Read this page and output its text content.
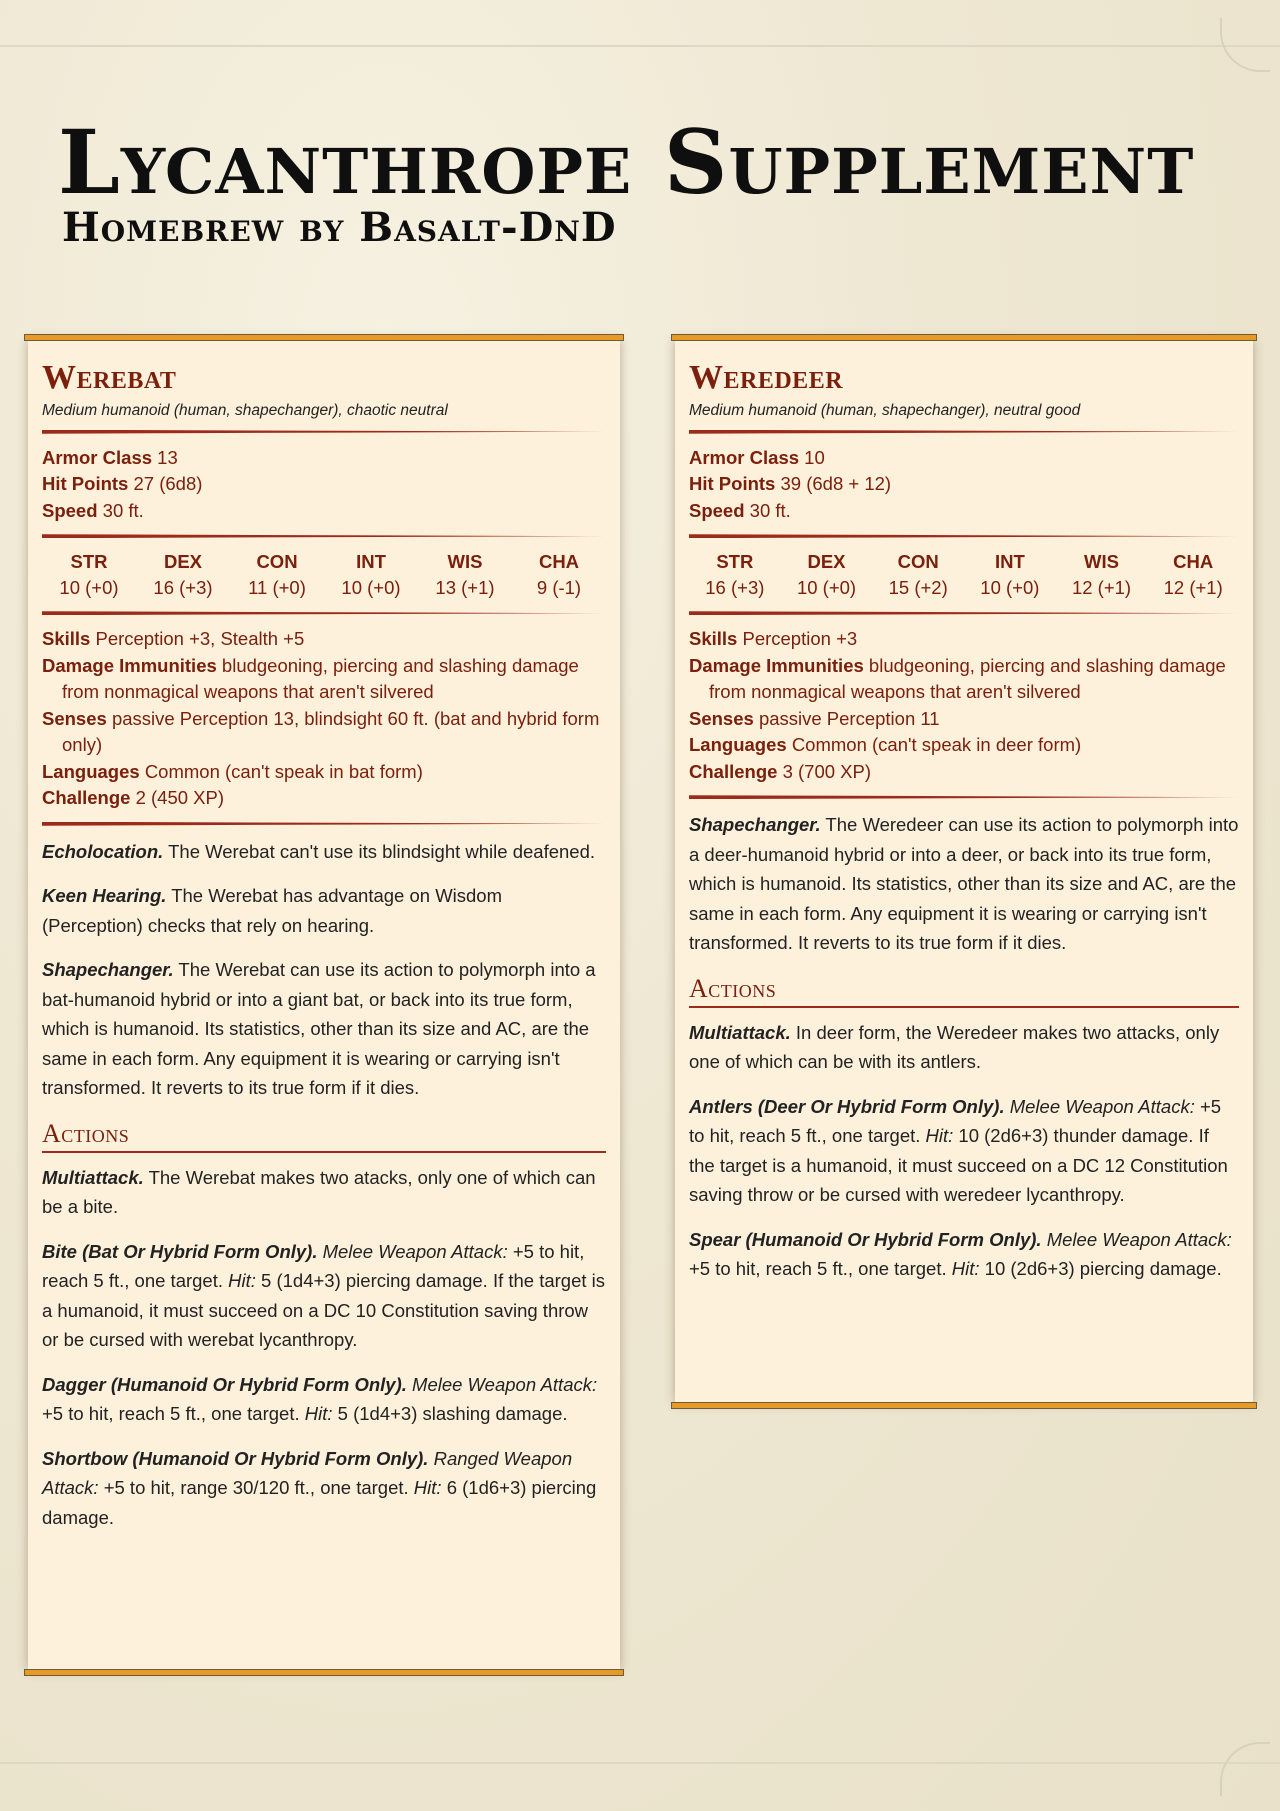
Lycanthrope Supplement
Homebrew by Basalt-DnD
Werebat

Medium humanoid (human, shapechanger), chaotic neutral

Armor Class 13

Hit Points 27 (6d8)

Speed 30 ft.

STR
10 (+0)
DEX
16 (+3)
CON
11 (+0)
INT
10 (+0)
WIS
13 (+1)
CHA
9 (-1)

Skills Perception +3, Stealth +5

Damage Immunities bludgeoning, piercing and slashing damage from nonmagical weapons that aren't silvered

Senses passive Perception 13, blindsight 60 ft. (bat and hybrid form only)

Languages Common (can't speak in bat form)

Challenge 2 (450 XP)

Echolocation. The Werebat can't use its blindsight while deafened.

Keen Hearing. The Werebat has advantage on Wisdom (Perception) checks that rely on hearing.

Shapechanger. The Werebat can use its action to polymorph into a bat-humanoid hybrid or into a giant bat, or back into its true form, which is humanoid. Its statistics, other than its size and AC, are the same in each form. Any equipment it is wearing or carrying isn't transformed. It reverts to its true form if it dies.

Actions

Multiattack. The Werebat makes two atacks, only one of which can be a bite.

Bite (Bat Or Hybrid Form Only). Melee Weapon Attack: +5 to hit, reach 5 ft., one target. Hit: 5 (1d4+3) piercing damage. If the target is a humanoid, it must succeed on a DC 10 Constitution saving throw or be cursed with werebat lycanthropy.

Dagger (Humanoid Or Hybrid Form Only). Melee Weapon Attack: +5 to hit, reach 5 ft., one target. Hit: 5 (1d4+3) slashing damage.

Shortbow (Humanoid Or Hybrid Form Only). Ranged Weapon Attack: +5 to hit, range 30/120 ft., one target. Hit: 6 (1d6+3) piercing damage.

Weredeer

Medium humanoid (human, shapechanger), neutral good

Armor Class 10

Hit Points 39 (6d8 + 12)

Speed 30 ft.

STR
16 (+3)
DEX
10 (+0)
CON
15 (+2)
INT
10 (+0)
WIS
12 (+1)
CHA
12 (+1)

Skills Perception +3

Damage Immunities bludgeoning, piercing and slashing damage from nonmagical weapons that aren't silvered

Senses passive Perception 11

Languages Common (can't speak in deer form)

Challenge 3 (700 XP)

Shapechanger. The Weredeer can use its action to polymorph into a deer-humanoid hybrid or into a deer, or back into its true form, which is humanoid. Its statistics, other than its size and AC, are the same in each form. Any equipment it is wearing or carrying isn't transformed. It reverts to its true form if it dies.

Actions

Multiattack. In deer form, the Weredeer makes two attacks, only one of which can be with its antlers.

Antlers (Deer Or Hybrid Form Only). Melee Weapon Attack: +5 to hit, reach 5 ft., one target. Hit: 10 (2d6+3) thunder damage. If the target is a humanoid, it must succeed on a DC 12 Constitution saving throw or be cursed with weredeer lycanthropy.

Spear (Humanoid Or Hybrid Form Only). Melee Weapon Attack: +5 to hit, reach 5 ft., one target. Hit: 10 (2d6+3) piercing damage.
